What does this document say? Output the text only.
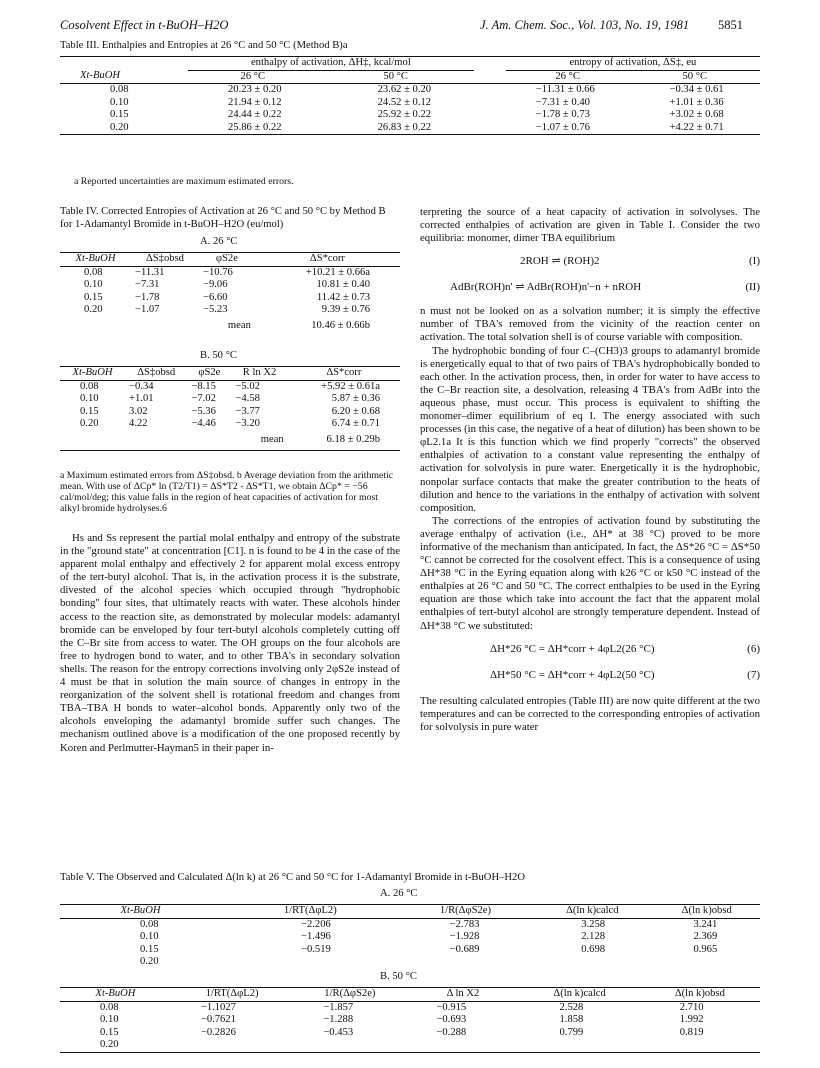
Cosolvent Effect in t-BuOH–H2O	J. Am. Chem. Soc., Vol. 103, No. 19, 1981 5851
Table III. Enthalpies and Entropies at 26 °C and 50 °C (Method B)a
	enthalpy of activation, ΔH‡, kcal/mol			entropy of activation, ΔS‡, eu	
Xt-BuOH	26 °C	50 °C		26 °C	50 °C
0.08	20.23 ± 0.20	23.62 ± 0.20		−11.31 ± 0.66	−0.34 ± 0.61
0.10	21.94 ± 0.12	24.52 ± 0.12		−7.31 ± 0.40	+1.01 ± 0.36
0.15	24.44 ± 0.22	25.92 ± 0.22		−1.78 ± 0.73	+3.02 ± 0.68
0.20	25.86 ± 0.22	26.83 ± 0.22		−1.07 ± 0.76	+4.22 ± 0.71
a Reported uncertainties are maximum estimated errors.
Table IV. Corrected Entropies of Activation at 26 °C and 50 °C by Method B for 1-Adamantyl Bromide in t-BuOH–H2O (eu/mol)
A. 26 °C
Xt-BuOH	ΔS‡obsd	φS2e	ΔS*corr
0.08	−11.31	−10.76	+10.21 ± 0.66a
0.10	−7.31	−9.06	10.81 ± 0.40
0.15	−1.78	−6.60	11.42 ± 0.73
0.20	−1.07	−5.23	9.39 ± 0.76
		mean	10.46 ± 0.66b
B. 50 °C
Xt-BuOH	ΔS‡obsd	φS2e	R ln X2	ΔS*corr
0.08	−0.34	−8.15	−5.02	+5.92 ± 0.61a
0.10	+1.01	−7.02	−4.58	5.87 ± 0.36
0.15	3.02	−5.36	−3.77	6.20 ± 0.68
0.20	4.22	−4.46	−3.20	6.74 ± 0.71
			mean	6.18 ± 0.29b
a Maximum estimated errors from ΔS‡obsd. b Average deviation from the arithmetic mean. With use of ΔCp* ln (T2/T1) = ΔS*T2 - ΔS*T1, we obtain ΔCp* = −56 cal/mol/deg; this value falls in the region of heat capacities of activation for most alkyl bromide hydrolyses.6

Hs and Ss represent the partial molal enthalpy and entropy of the substrate in the "ground state" at concentration [C1]. n is found to be 4 in the case of the apparent molal enthalpy and effectively 2 for apparent molal excess entropy of the tert-butyl alcohol. That is, in the activation process it is the substrate, divested of the alcohol species which occupied through "hydrophobic bonding" four sites, that ultimately reacts with water. These alcohols hinder access to the reaction site, as demonstrated by molecular models: adamantyl bromide can be enveloped by four tert-butyl alcohols completely cutting off the C–Br site from access to water. The OH groups on the four alcohols are free to hydrogen bond to water, and to other TBA's in secondary solvation shells. The reason for the entropy corrections involving only 2φS2e instead of 4 must be that in solution the main source of changes in entropy in the reorganization of the solvent shell is rotational freedom and changes from TBA–TBA H bonds to water–alcohol bonds. Apparently only two of the alcohols enveloping the adamantyl bromide suffer such changes. The mechanism outlined above is a modification of the one proposed recently by Koren and Perlmutter-Hayman5 in their paper in-

terpreting the source of a heat capacity of activation in solvolyses. The corrected enthalpies of activation are given in Table I. Consider the two equilibria: monomer, dimer TBA equilibrium

2ROH ⇌ (ROH)2	(I)
AdBr(ROH)n' ⇌ AdBr(ROH)n'−n + nROH	(II)

n must not be looked on as a solvation number; it is simply the effective number of TBA's removed from the vicinity of the reaction center on activation. The total solvation shell is of course variable with composition.

The hydrophobic bonding of four C–(CH3)3 groups to adamantyl bromide is energetically equal to that of two pairs of TBA's hydrophobically bonded to each other. In the activation process, then, in order for water to have access to the C–Br reaction site, a desolvation, releasing 4 TBA's from AdBr into the aqueous phase, must occur. This process is equivalent to shifting the monomer–dimer equilibrium of eq I. The energy associated with such processes (in this case, the negative of a heat of dilution) has been shown to be φL2.1a It is this function which we find properly "corrects" the observed enthalpies of activation to a constant value representing the enthalpy of activation for solvolysis in pure water. Energetically it is the hydrophobic, nonpolar surface contacts that make the greater contribution to the heats of dilution and hence to the variations in the enthalpy of activation with solvent composition.

The corrections of the entropies of activation found by substituting the average enthalpy of activation (i.e., ΔH* at 38 °C) proved to be more informative of the mechanism than anticipated. In fact, the ΔS*26 °C = ΔS*50 °C cannot be corrected for the cosolvent effect. This is a consequence of using ΔH*38 °C in the Eyring equation along with k26 °C or k50 °C instead of the enthalpies at 26 °C and 50 °C. The correct enthalpies to be used in the Eyring equation are those which take into account the fact that the apparent molal enthalpies of tert-butyl alcohol are strongly temperature dependent. Instead of ΔH*38 °C we substituted:

ΔH*26 °C = ΔH*corr + 4φL2(26 °C)	(6)
ΔH*50 °C = ΔH*corr + 4φL2(50 °C)	(7)

The resulting calculated entropies (Table III) are now quite different at the two temperatures and can be corrected to the corresponding entropies of activation for solvolysis in pure water

Table V. The Observed and Calculated Δ(ln k) at 26 °C and 50 °C for 1-Adamantyl Bromide in t-BuOH–H2O
A. 26 °C
Xt-BuOH	1/RT(ΔφL2)	1/R(ΔφS2e)	Δ(ln k)calcd	Δ(ln k)obsd
0.08	−2.206	−2.783	3.258	3.241
0.10	−1.496	−1.928	2.128	2.369
0.15	−0.519	−0.689	0.698	0.965
0.20				
B. 50 °C
Xt-BuOH	1/RT(ΔφL2)	1/R(ΔφS2e)	Δ ln X2	Δ(ln k)calcd	Δ(ln k)obsd
0.08	−1.1027	−1.857	−0.915	2.528	2.710
0.10	−0.7621	−1.288	−0.693	1.858	1.992
0.15	−0.2826	−0.453	−0.288	0.799	0.819
0.20					
